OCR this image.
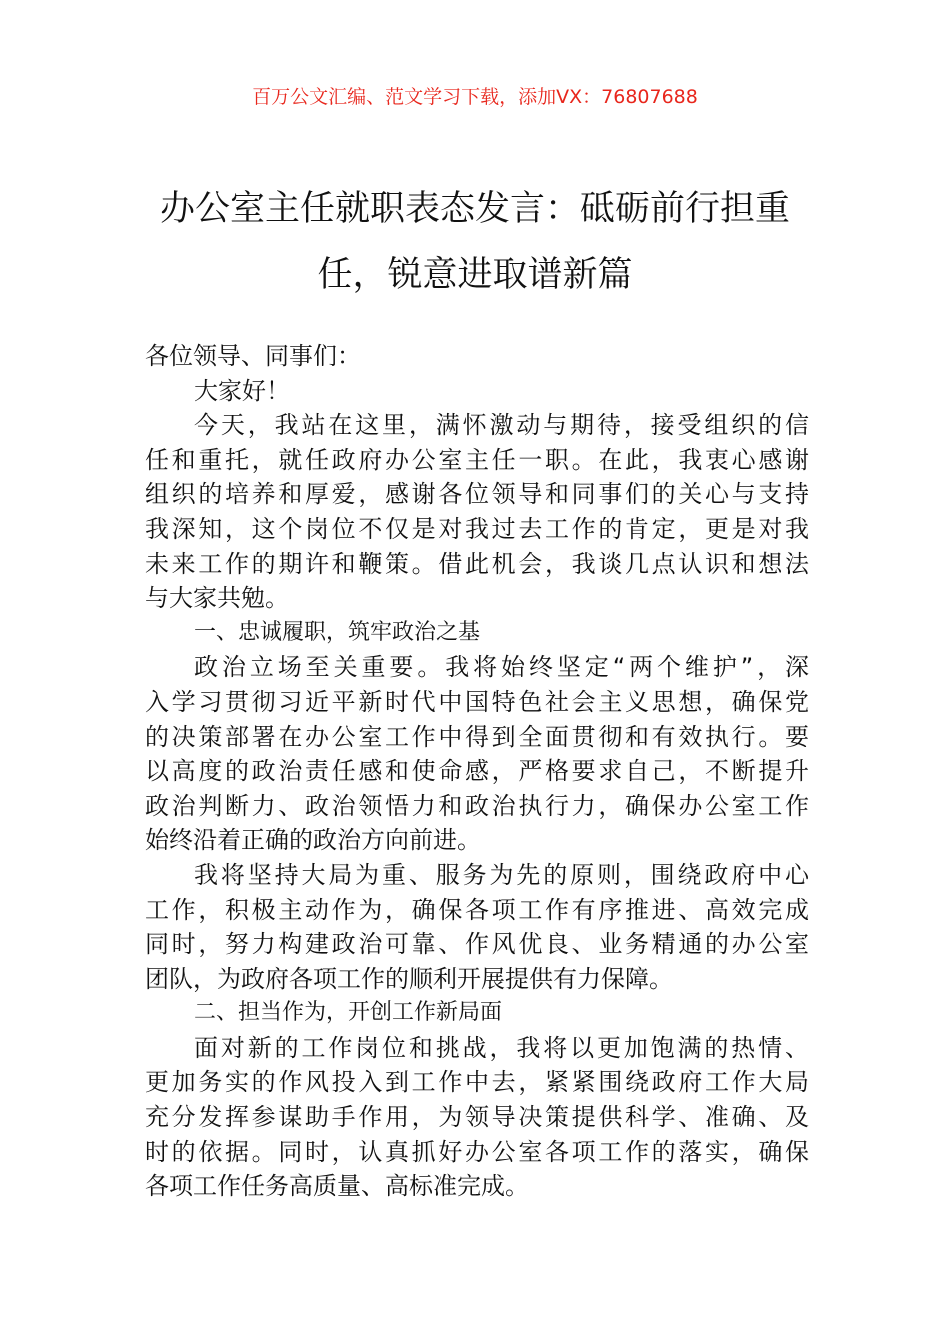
百万公文汇编、范文学习下载，添加VX：76807688
办公室主任就职表态发言：砥砺前行担重
任，锐意进取谱新篇
各位领导、同事们：
大家好！
今天，我站在这里，满怀激动与期待，接受组织的信
任和重托，就任政府办公室主任一职。在此，我衷心感谢
组织的培养和厚爱，感谢各位领导和同事们的关心与支持
我深知，这个岗位不仅是对我过去工作的肯定，更是对我
未来工作的期许和鞭策。借此机会，我谈几点认识和想法
与大家共勉。
一、忠诚履职，筑牢政治之基
政治立场至关重要。我将始终坚定“两个维护”，深
入学习贯彻习近平新时代中国特色社会主义思想，确保党
的决策部署在办公室工作中得到全面贯彻和有效执行。要
以高度的政治责任感和使命感，严格要求自己，不断提升
政治判断力、政治领悟力和政治执行力，确保办公室工作
始终沿着正确的政治方向前进。
我将坚持大局为重、服务为先的原则，围绕政府中心
工作，积极主动作为，确保各项工作有序推进、高效完成
同时，努力构建政治可靠、作风优良、业务精通的办公室
团队，为政府各项工作的顺利开展提供有力保障。
二、担当作为，开创工作新局面
面对新的工作岗位和挑战，我将以更加饱满的热情、
更加务实的作风投入到工作中去，紧紧围绕政府工作大局
充分发挥参谋助手作用，为领导决策提供科学、准确、及
时的依据。同时，认真抓好办公室各项工作的落实，确保
各项工作任务高质量、高标准完成。
